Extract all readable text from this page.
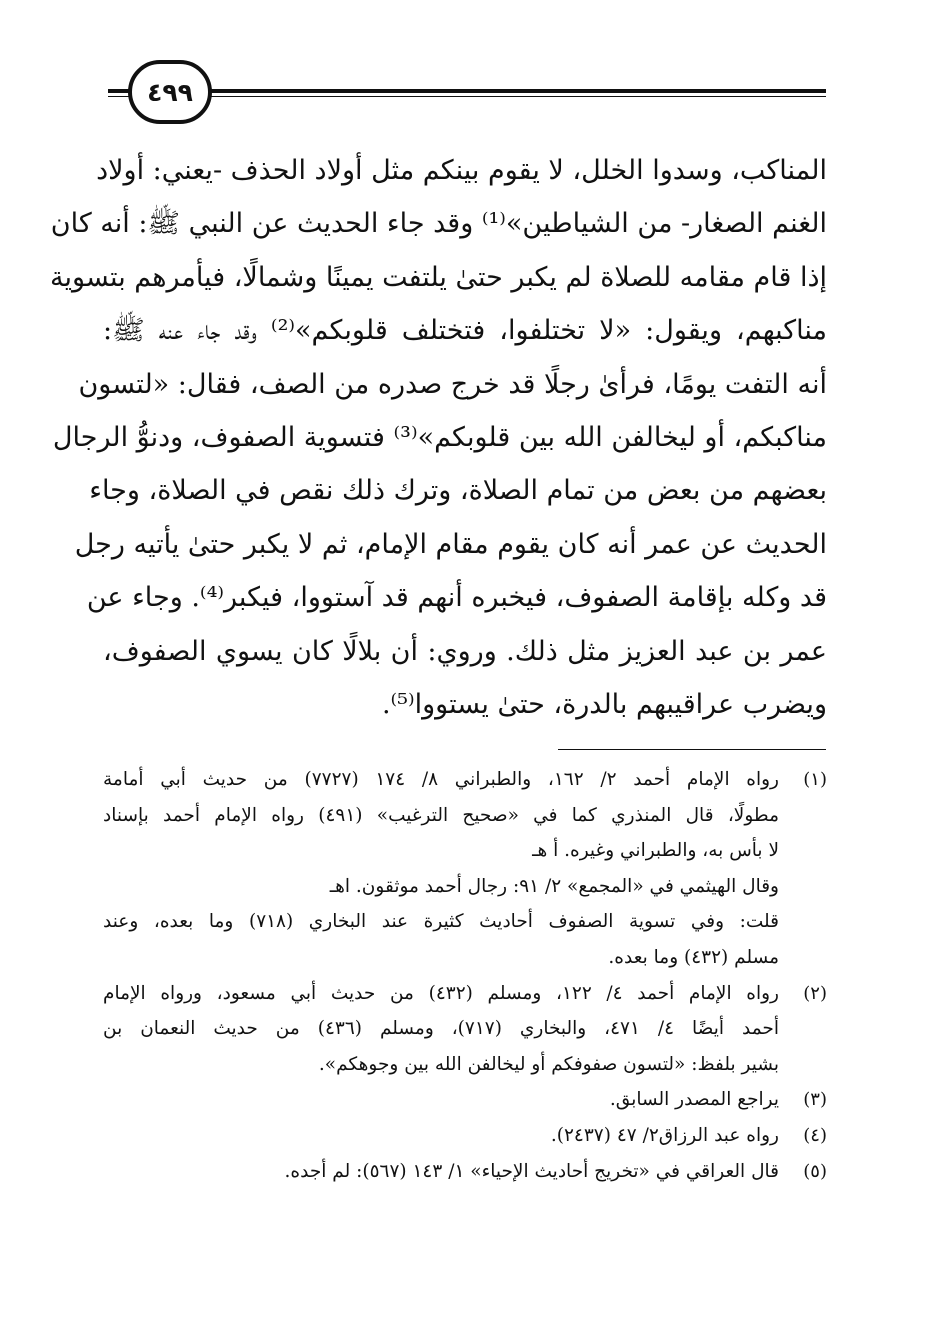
٤٩٩
المناكب، وسدوا الخلل، لا يقوم بينكم مثل أولاد الحذف -يعني: أولاد
الغنم الصغار- من الشياطين»⁽¹⁾ وقد جاء الحديث عن النبي ﷺ: أنه كان
إذا قام مقامه للصلاة لم يكبر حتىٰ يلتفت يمينًا وشمالًا، فيأمرهم بتسوية
مناكبهم، ويقول: «لا تختلفوا، فتختلف قلوبكم»⁽²⁾ وقد جاء عنه ﷺ:
أنه التفت يومًا، فرأىٰ رجلًا قد خرج صدره من الصف، فقال: «لتسون
مناكبكم، أو ليخالفن الله بين قلوبكم»⁽³⁾ فتسوية الصفوف، ودنوُّ الرجال
بعضهم من بعض من تمام الصلاة، وترك ذلك نقص في الصلاة، وجاء
الحديث عن عمر أنه كان يقوم مقام الإمام، ثم لا يكبر حتىٰ يأتيه رجل
قد وكله بإقامة الصفوف، فيخبره أنهم قد آستووا، فيكبر⁽⁴⁾. وجاء عن
عمر بن عبد العزيز مثل ذلك. وروي: أن بلالًا كان يسوي الصفوف،
ويضرب عراقيبهم بالدرة، حتىٰ يستووا⁽⁵⁾.
(١)
رواه الإمام أحمد ٢/ ١٦٢، والطبراني ٨/ ١٧٤ (٧٧٢٧) من حديث أبي أمامة
مطولًا، قال المنذري كما في «صحيح الترغيب» (٤٩١) رواه الإمام أحمد بإسناد
لا بأس به، والطبراني وغيره. أ هـ
وقال الهيثمي في «المجمع» ٢/ ٩١: رجال أحمد موثقون. اهـ
قلت: وفي تسوية الصفوف أحاديث كثيرة عند البخاري (٧١٨) وما بعده، وعند
مسلم (٤٣٢) وما بعده.
(٢)
رواه الإمام أحمد ٤/ ١٢٢، ومسلم (٤٣٢) من حديث أبي مسعود، ورواه الإمام
أحمد أيضًا ٤/ ٤٧١، والبخاري (٧١٧)، ومسلم (٤٣٦) من حديث النعمان بن
بشير بلفظ: «لتسون صفوفكم أو ليخالفن الله بين وجوهكم».
(٣)
يراجع المصدر السابق.
(٤)
رواه عبد الرزاق٢/ ٤٧ (٢٤٣٧).
(٥)
قال العراقي في «تخريج أحاديث الإحياء» ١/ ١٤٣ (٥٦٧): لم أجده.
